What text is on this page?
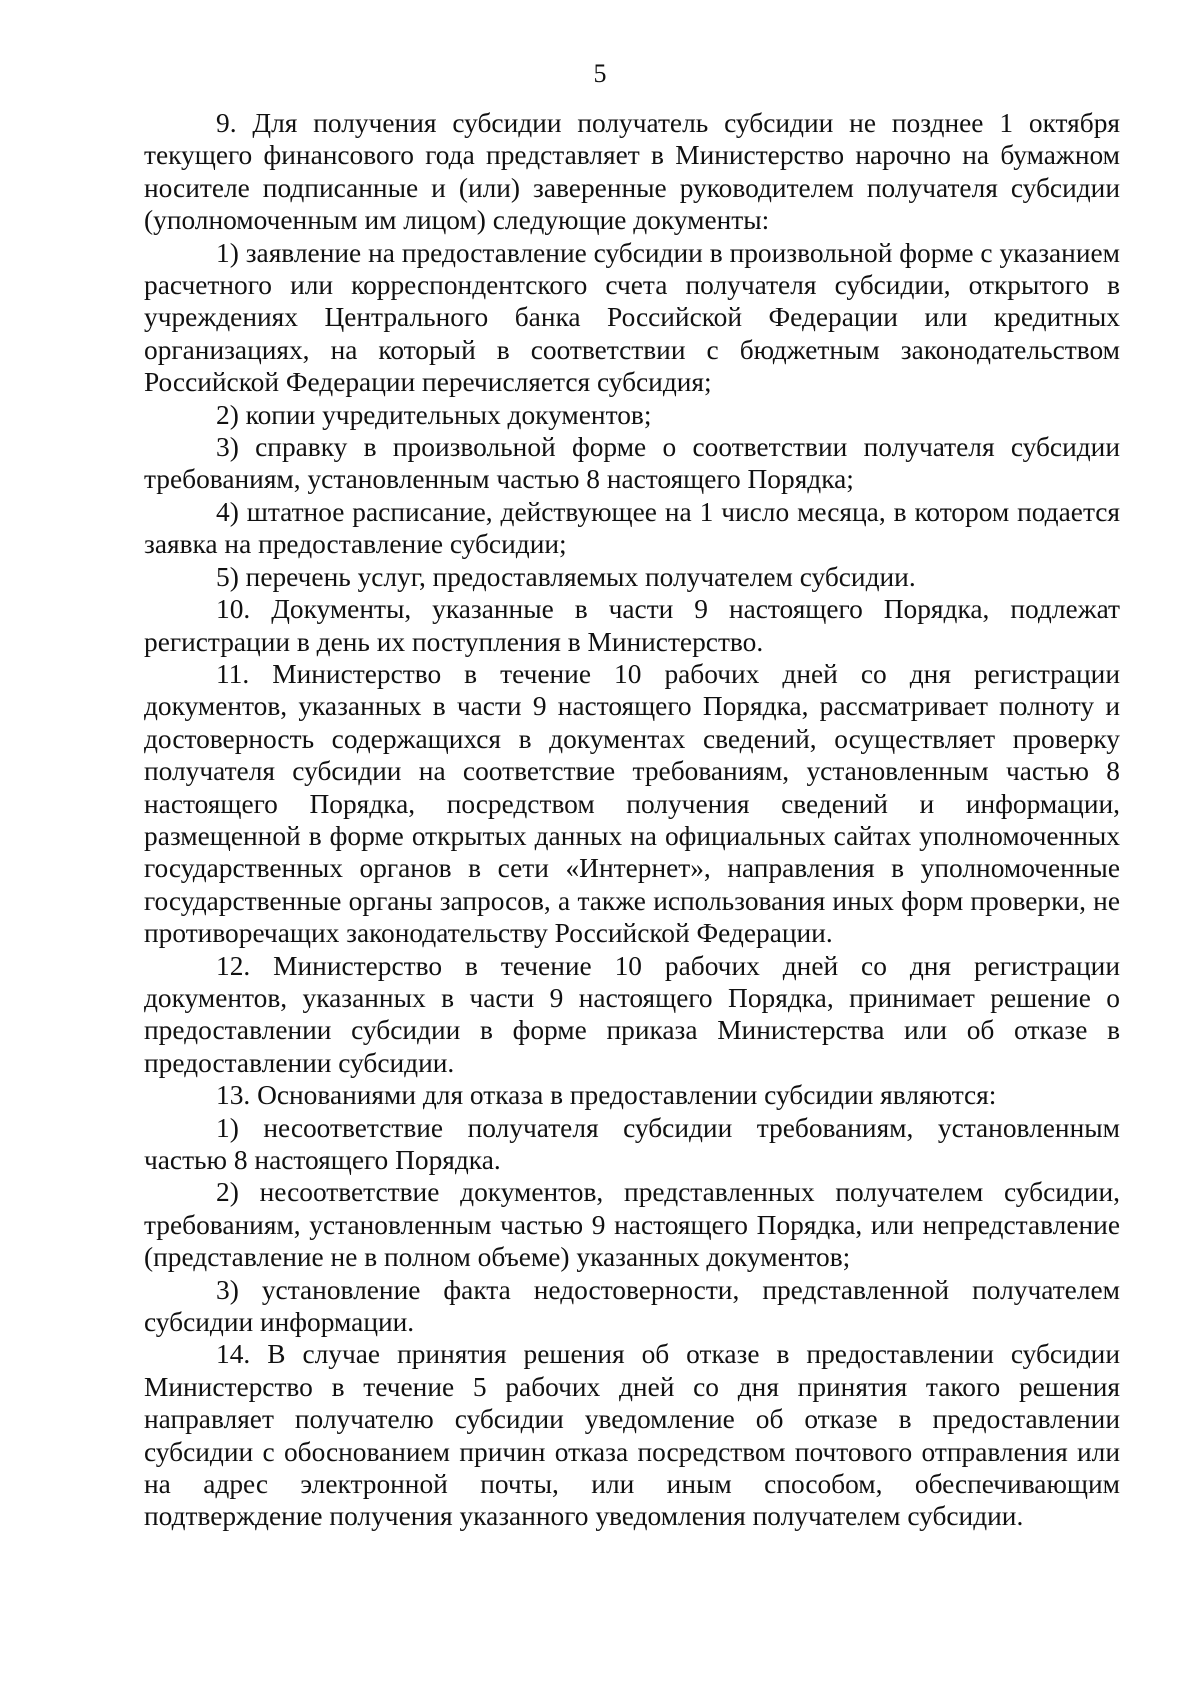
5

9. Для получения субсидии получатель субсидии не позднее 1 октября текущего финансового года представляет в Министерство нарочно на бумажном носителе подписанные и (или) заверенные руководителем получателя субсидии (уполномоченным им лицом) следующие документы:

1) заявление на предоставление субсидии в произвольной форме с указанием расчетного или корреспондентского счета получателя субсидии, открытого в учреждениях Центрального банка Российской Федерации или кредитных организациях, на который в соответствии с бюджетным законодательством Российской Федерации перечисляется субсидия;

2) копии учредительных документов;

3) справку в произвольной форме о соответствии получателя субсидии требованиям, установленным частью 8 настоящего Порядка;

4) штатное расписание, действующее на 1 число месяца, в котором подается заявка на предоставление субсидии;

5) перечень услуг, предоставляемых получателем субсидии.

10. Документы, указанные в части 9 настоящего Порядка, подлежат регистрации в день их поступления в Министерство.

11. Министерство в течение 10 рабочих дней со дня регистрации документов, указанных в части 9 настоящего Порядка, рассматривает полноту и достоверность содержащихся в документах сведений, осуществляет проверку получателя субсидии на соответствие требованиям, установленным частью 8 настоящего Порядка, посредством получения сведений и информации, размещенной в форме открытых данных на официальных сайтах уполномоченных государственных органов в сети «Интернет», направления в уполномоченные государственные органы запросов, а также использования иных форм проверки, не противоречащих законодательству Российской Федерации.

12. Министерство в течение 10 рабочих дней со дня регистрации документов, указанных в части 9 настоящего Порядка, принимает решение о предоставлении субсидии в форме приказа Министерства или об отказе в предоставлении субсидии.

13. Основаниями для отказа в предоставлении субсидии являются:

1) несоответствие получателя субсидии требованиям, установленным частью 8 настоящего Порядка.

2) несоответствие документов, представленных получателем субсидии, требованиям, установленным частью 9 настоящего Порядка, или непредставление (представление не в полном объеме) указанных документов;

3) установление факта недостоверности, представленной получателем субсидии информации.

14. В случае принятия решения об отказе в предоставлении субсидии Министерство в течение 5 рабочих дней со дня принятия такого решения направляет получателю субсидии уведомление об отказе в предоставлении субсидии с обоснованием причин отказа посредством почтового отправления или на адрес электронной почты, или иным способом, обеспечивающим подтверждение получения указанного уведомления получателем субсидии.
